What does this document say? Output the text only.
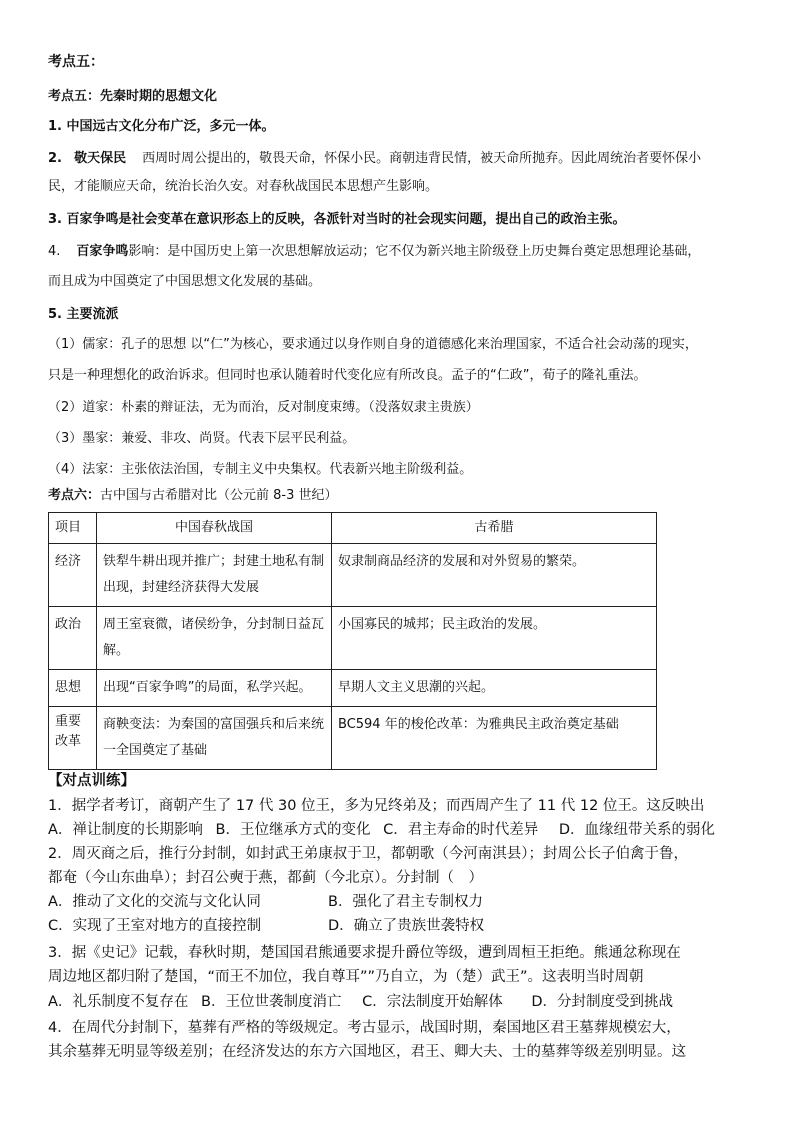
考点五：
考点五：先秦时期的思想文化
1. 中国远古文化分布广泛，多元一体。
2. 敬天保民 西周时周公提出的，敬畏天命，怀保小民。商朝违背民情，被天命所抛弃。因此周统治者要怀保小
民，才能顺应天命，统治长治久安。对春秋战国民本思想产生影响。
3. 百家争鸣是社会变革在意识形态上的反映，各派针对当时的社会现实问题，提出自己的政治主张。
4. 百家争鸣影响：是中国历史上第一次思想解放运动；它不仅为新兴地主阶级登上历史舞台奠定思想理论基础，
而且成为中国奠定了中国思想文化发展的基础。
5. 主要流派
（1）儒家：孔子的思想 以“仁”为核心，要求通过以身作则自身的道德感化来治理国家，不适合社会动荡的现实，
只是一种理想化的政治诉求。但同时也承认随着时代变化应有所改良。孟子的“仁政”，荀子的隆礼重法。
（2）道家：朴素的辩证法，无为而治，反对制度束缚。（没落奴隶主贵族）
（3）墨家：兼爱、非攻、尚贤。代表下层平民利益。
（4）法家：主张依法治国，专制主义中央集权。代表新兴地主阶级利益。
考点六：古中国与古希腊对比（公元前 8-3 世纪）
项目	中国春秋战国	古希腊
经济	铁犁牛耕出现并推广；封建土地私有制出现，封建经济获得大发展	奴隶制商品经济的发展和对外贸易的繁荣。
政治	周王室衰微，诸侯纷争，分封制日益瓦解。	小国寡民的城邦；民主政治的发展。
思想	出现“百家争鸣”的局面，私学兴起。	早期人文主义思潮的兴起。
重要改革	商鞅变法：为秦国的富国强兵和后来统一全国奠定了基础	BC594 年的梭伦改革：为雅典民主政治奠定基础
【对点训练】
1．据学者考订，商朝产生了 17 代 30 位王，多为兄终弟及；而西周产生了 11 代 12 位王。这反映出
A．禅让制度的长期影响 B．王位继承方式的变化 C．君主寿命的时代差异 D．血缘纽带关系的弱化
2．周灭商之后，推行分封制，如封武王弟康叔于卫，都朝歌（今河南淇县）；封周公长子伯禽于鲁，
都奄（今山东曲阜）；封召公奭于燕，都蓟（今北京）。分封制（　）
A．推动了文化的交流与文化认同	B．强化了君主专制权力
C．实现了王室对地方的直接控制	D．确立了贵族世袭特权
3．据《史记》记载，春秋时期，楚国国君熊通要求提升爵位等级，遭到周桓王拒绝。熊通忿称现在
周边地区都归附了楚国，“而王不加位，我自尊耳””乃自立，为（楚）武王”。这表明当时周朝
A．礼乐制度不复存在 B．王位世袭制度消亡 C．宗法制度开始解体 D．分封制度受到挑战
4．在周代分封制下，墓葬有严格的等级规定。考古显示，战国时期，秦国地区君王墓葬规模宏大，
其余墓葬无明显等级差别；在经济发达的东方六国地区，君王、卿大夫、士的墓葬等级差别明显。这
